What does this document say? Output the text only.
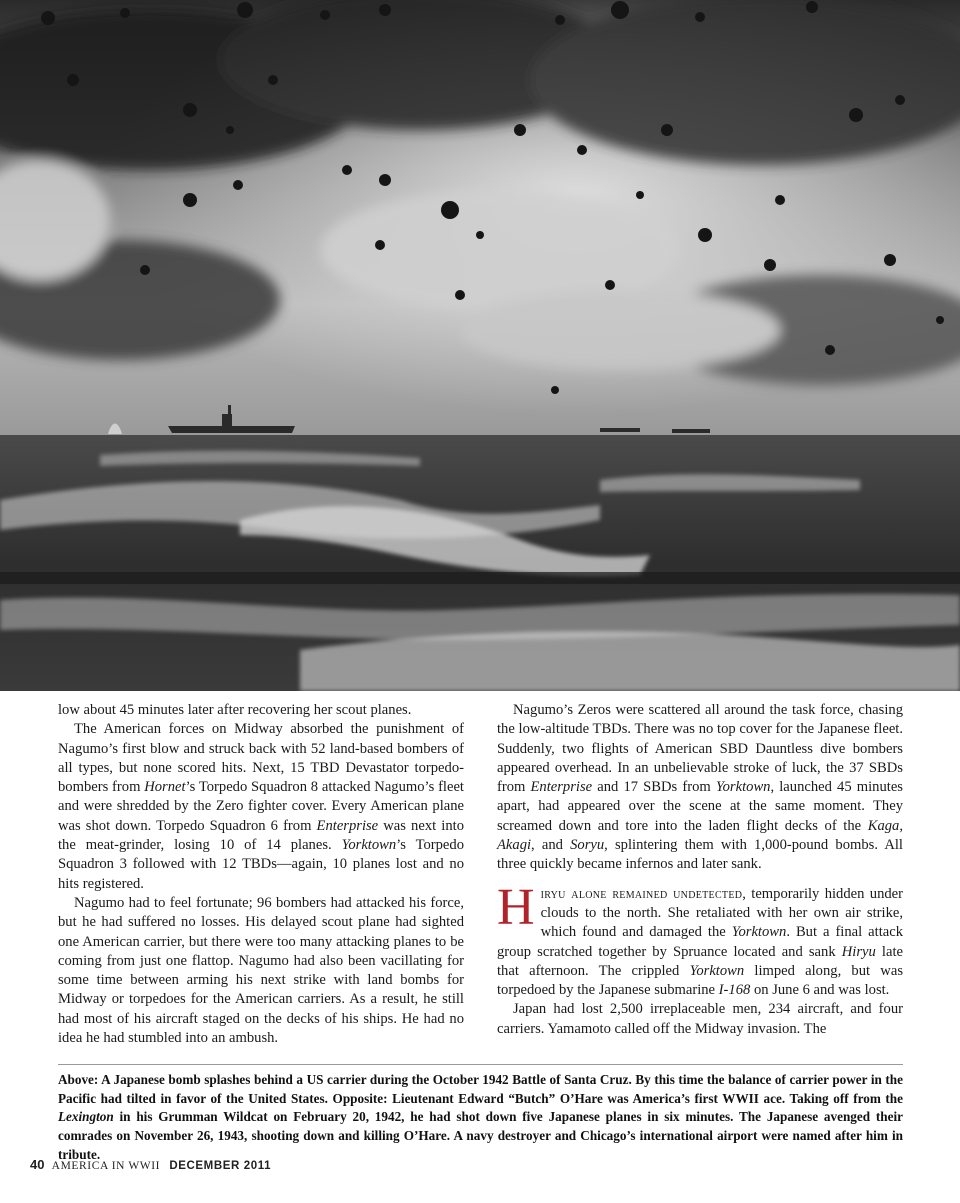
low about 45 minutes later after recovering her scout planes.

The American forces on Midway absorbed the punishment of Nagumo’s first blow and struck back with 52 land-based bombers of all types, but none scored hits. Next, 15 TBD Devastator torpedo-bombers from Hornet’s Torpedo Squadron 8 attacked Nagumo’s fleet and were shredded by the Zero fighter cover. Every American plane was shot down. Torpedo Squadron 6 from Enterprise was next into the meat-grinder, losing 10 of 14 planes. Yorktown’s Torpedo Squadron 3 followed with 12 TBDs—again, 10 planes lost and no hits registered.

Nagumo had to feel fortunate; 96 bombers had attacked his force, but he had suffered no losses. His delayed scout plane had sighted one American carrier, but there were too many attacking planes to be coming from just one flattop. Nagumo had also been vacillating for some time between arming his next strike with land bombs for Midway or torpedoes for the American carriers. As a result, he still had most of his aircraft staged on the decks of his ships. He had no idea he had stumbled into an ambush.

Nagumo’s Zeros were scattered all around the task force, chasing the low-altitude TBDs. There was no top cover for the Japanese fleet. Suddenly, two flights of American SBD Dauntless dive bombers appeared overhead. In an unbelievable stroke of luck, the 37 SBDs from Enterprise and 17 SBDs from Yorktown, launched 45 minutes apart, had appeared over the scene at the same moment. They screamed down and tore into the laden flight decks of the Kaga, Akagi, and Soryu, splintering them with 1,000-pound bombs. All three quickly became infernos and later sank.

Hiryu alone remained undetected, temporarily hidden under clouds to the north. She retaliated with her own air strike, which found and damaged the Yorktown. But a final attack group scratched together by Spruance located and sank Hiryu late that afternoon. The crippled Yorktown limped along, but was torpedoed by the Japanese submarine I-168 on June 6 and was lost.

Japan had lost 2,500 irreplaceable men, 234 aircraft, and four carriers. Yamamoto called off the Midway invasion. The

Above: A Japanese bomb splashes behind a US carrier during the October 1942 Battle of Santa Cruz. By this time the balance of carrier power in the Pacific had tilted in favor of the United States. Opposite: Lieutenant Edward “Butch” O’Hare was America’s first WWII ace. Taking off from the Lexington in his Grumman Wildcat on February 20, 1942, he had shot down five Japanese planes in six minutes. The Japanese avenged their comrades on November 26, 1943, shooting down and killing O’Hare. A navy destroyer and Chicago’s international airport were named after him in tribute.
40 AMERICA IN WWII DECEMBER 2011
